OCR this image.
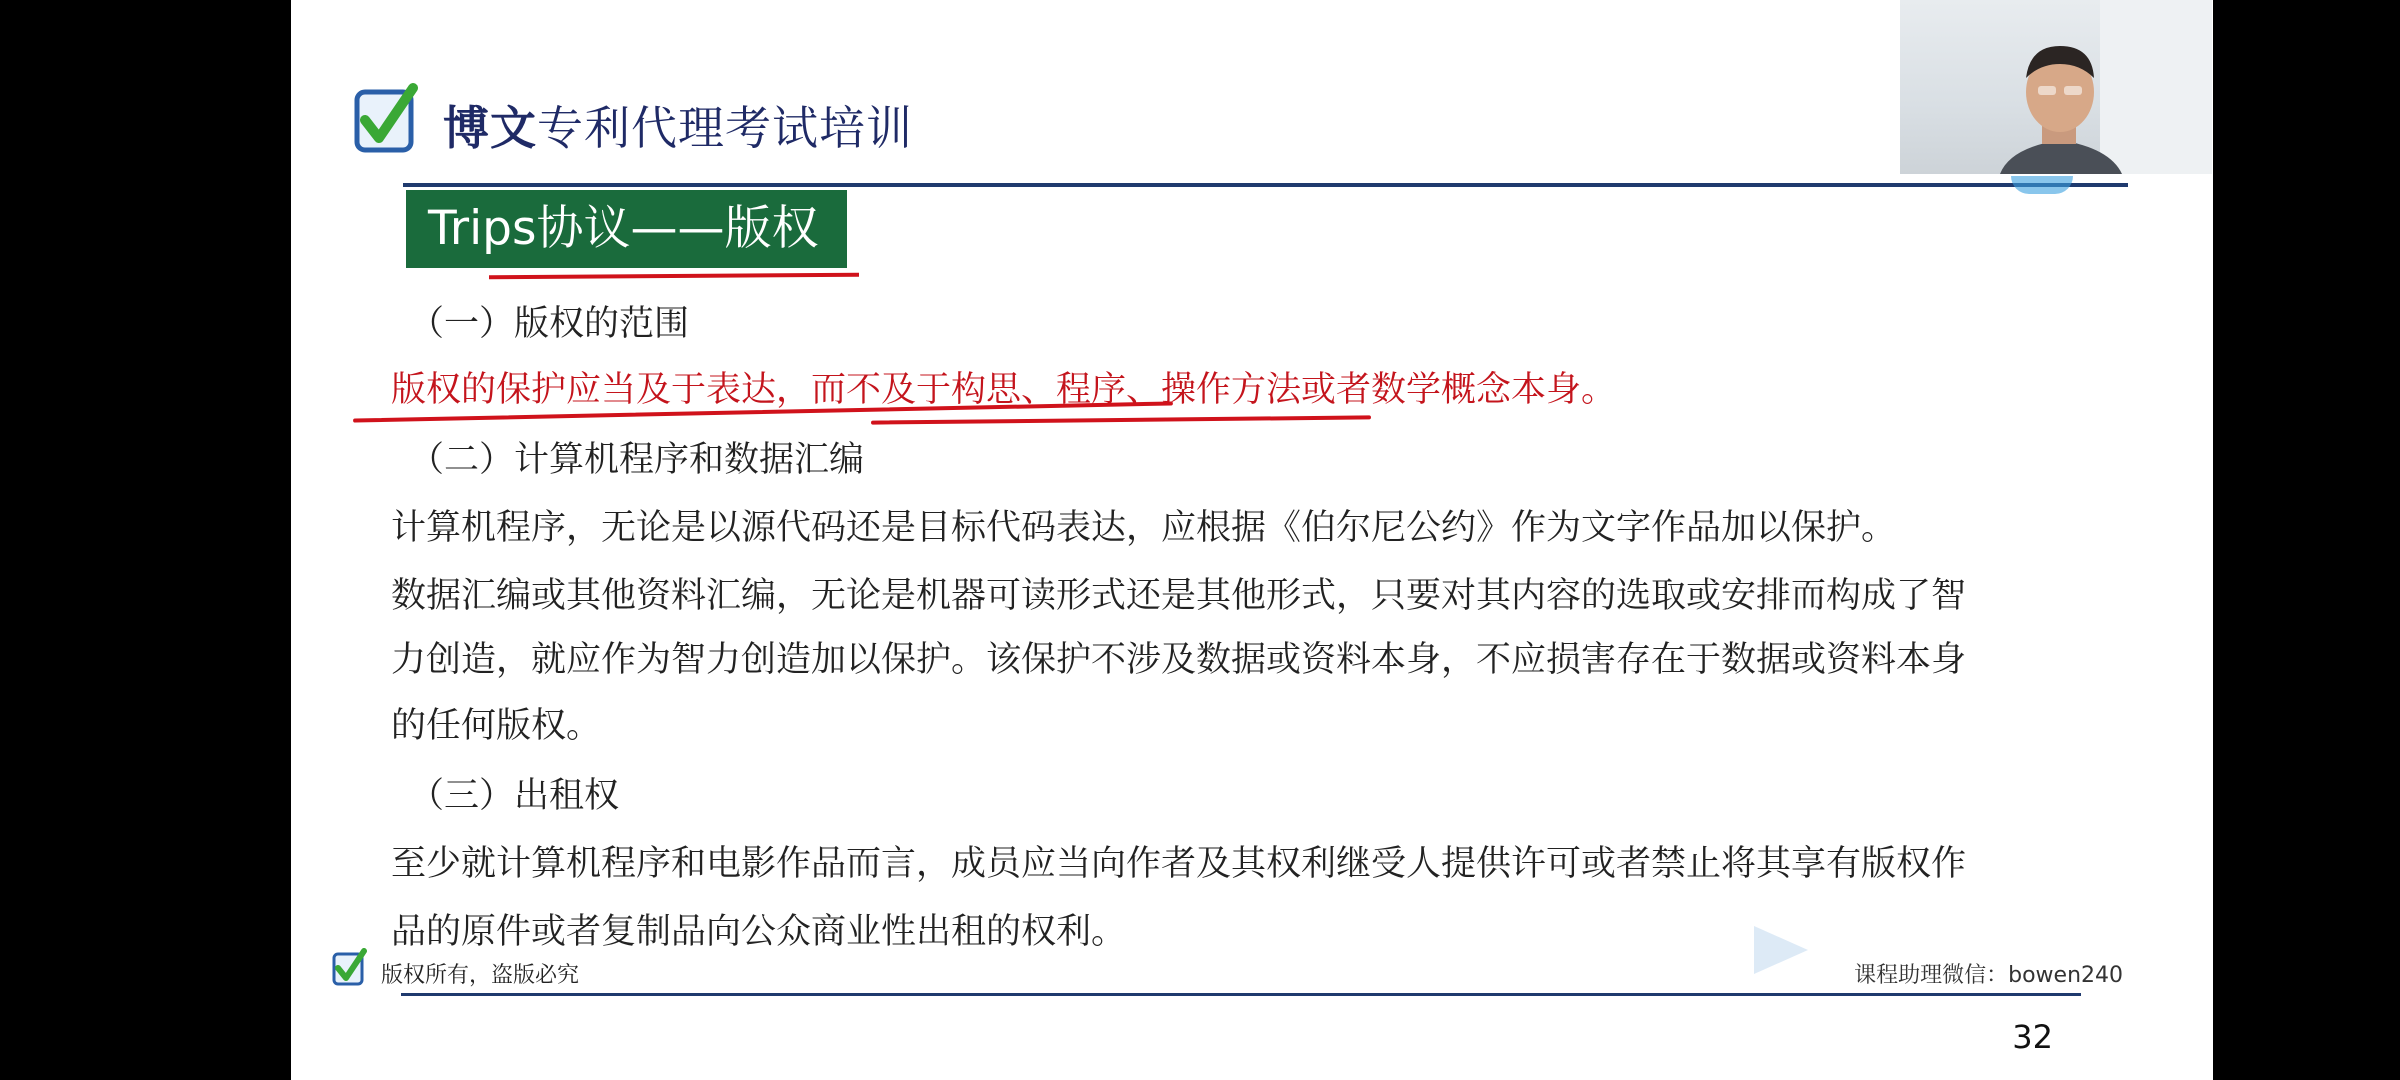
博文专利代理考试培训
Trips协议——版权
（一）版权的范围
版权的保护应当及于表达，而不及于构思、程序、操作方法或者数学概念本身。
（二）计算机程序和数据汇编
计算机程序，无论是以源代码还是目标代码表达，应根据《伯尔尼公约》作为文字作品加以保护。
数据汇编或其他资料汇编，无论是机器可读形式还是其他形式，只要对其内容的选取或安排而构成了智
力创造，就应作为智力创造加以保护。该保护不涉及数据或资料本身，不应损害存在于数据或资料本身
的任何版权。
（三）出租权
至少就计算机程序和电影作品而言，成员应当向作者及其权利继受人提供许可或者禁止将其享有版权作
品的原件或者复制品向公众商业性出租的权利。
版权所有，盗版必究	课程助理微信：bowen240
32
